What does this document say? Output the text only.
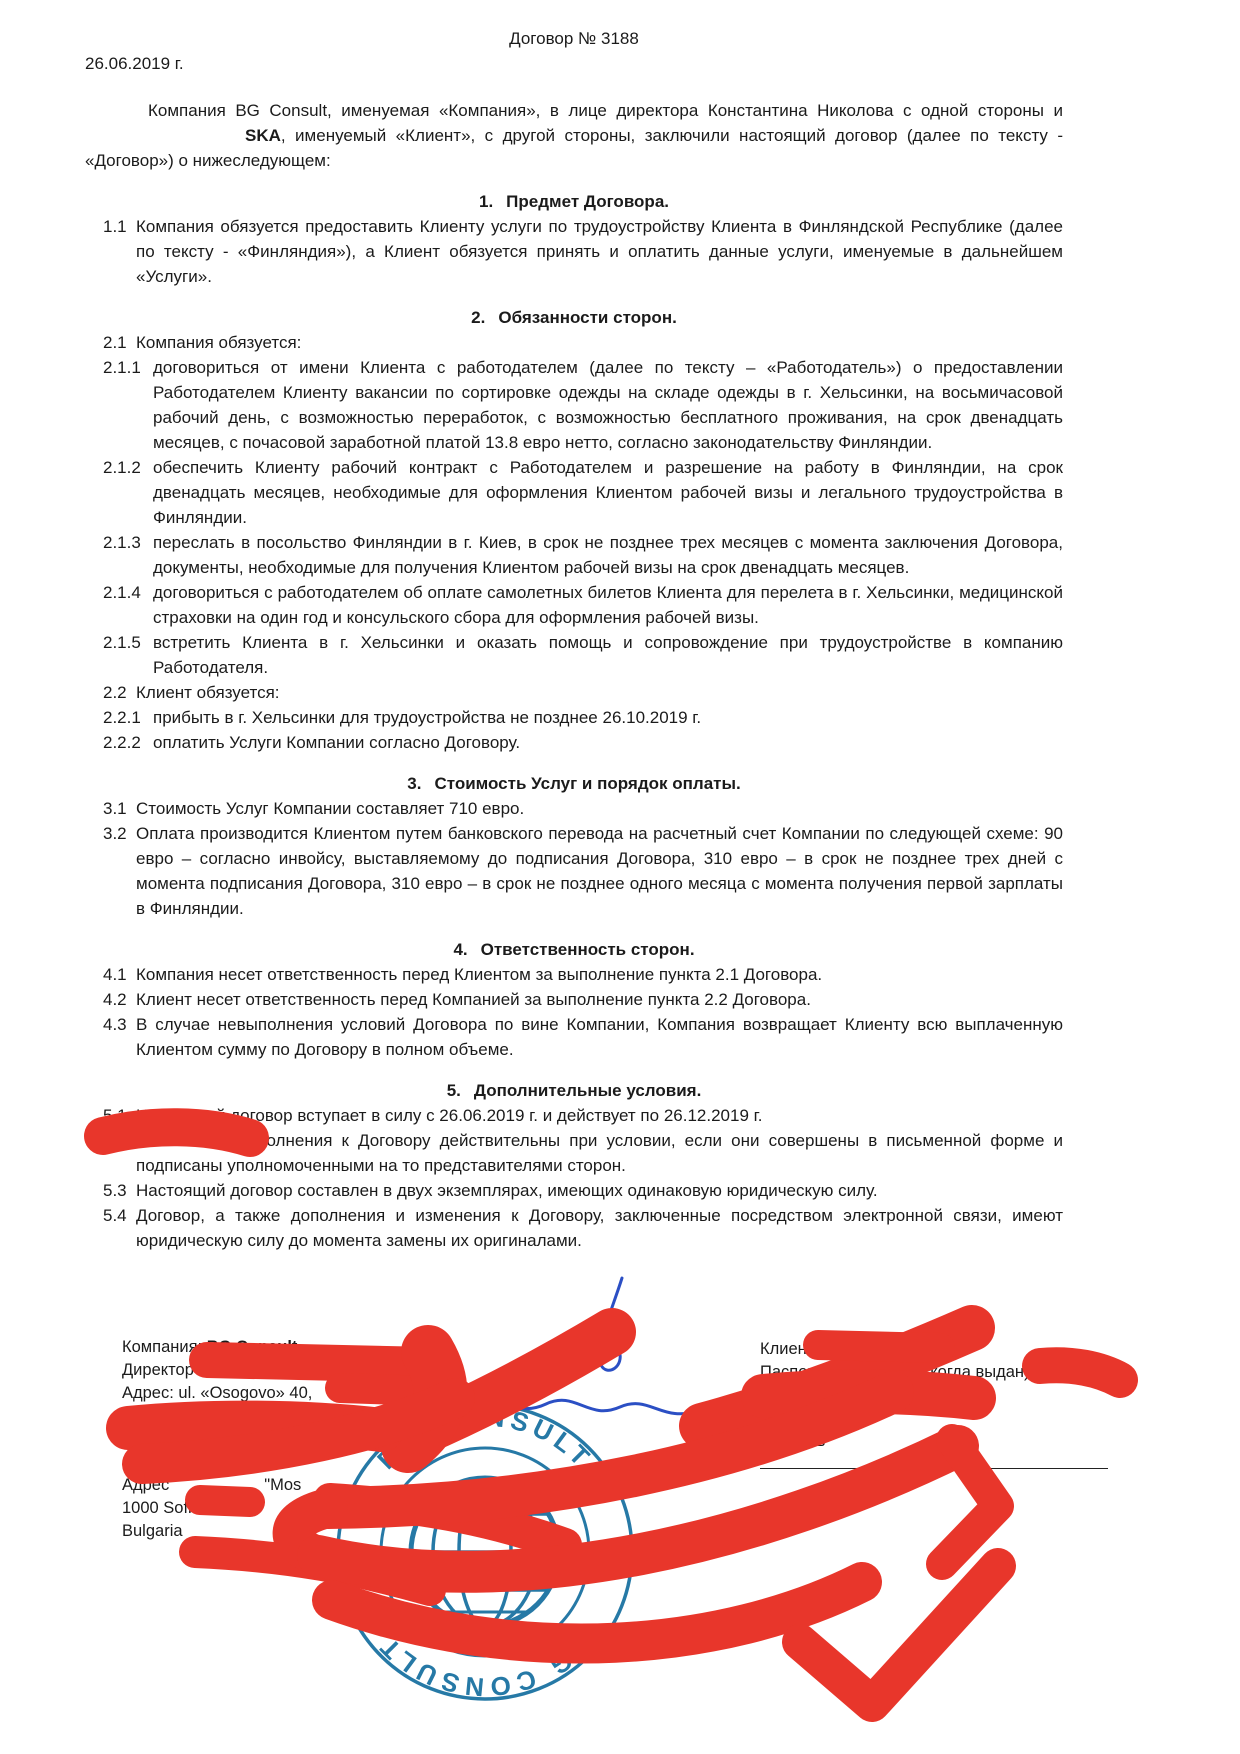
Договор № 3188
26.06.2019 г.

Компания BG Consult, именуемая «Компания», в лице директора Константина Николова с одной стороны иSKA, именуемый «Клиент», с другой стороны, заключили настоящий договор (далее по тексту - «Договор») о нижеследующем:

1. Предмет Договора.
1.1 Компания обязуется предоставить Клиенту услуги по трудоустройству Клиента в Финляндской Республике (далее по тексту - «Финляндия»), а Клиент обязуется принять и оплатить данные услуги, именуемые в дальнейшем «Услуги».
2. Обязанности сторон.
2.1 Компания обязуется:
2.1.1 договориться от имени Клиента с работодателем (далее по тексту – «Работодатель») о предоставлении Работодателем Клиенту вакансии по сортировке одежды на складе одежды в г. Хельсинки, на восьмичасовой рабочий день, с возможностью переработок, с возможностью бесплатного проживания, на срок двенадцать месяцев, с почасовой заработной платой 13.8 евро нетто, согласно законодательству Финляндии.
2.1.2 обеспечить Клиенту рабочий контракт с Работодателем и разрешение на работу в Финляндии, на срок двенадцать месяцев, необходимые для оформления Клиентом рабочей визы и легального трудоустройства в Финляндии.
2.1.3 переслать в посольство Финляндии в г. Киев, в срок не позднее трех месяцев с момента заключения Договора, документы, необходимые для получения Клиентом рабочей визы на срок двенадцать месяцев.
2.1.4 договориться с работодателем об оплате самолетных билетов Клиента для перелета в г. Хельсинки, медицинской страховки на один год и консульского сбора для оформления рабочей визы.
2.1.5 встретить Клиента в г. Хельсинки и оказать помощь и сопровождение при трудоустройстве в компанию Работодателя.
2.2 Клиент обязуется:
2.2.1 прибыть в г. Хельсинки для трудоустройства не позднее 26.10.2019 г.
2.2.2 оплатить Услуги Компании согласно Договору.
3. Стоимость Услуг и порядок оплаты.
3.1 Стоимость Услуг Компании составляет 710 евро.
3.2 Оплата производится Клиентом путем банковского перевода на расчетный счет Компании по следующей схеме: 90 евро – согласно инвойсу, выставляемому до подписания Договора, 310 евро – в срок не позднее трех дней с момента подписания Договора, 310 евро – в срок не позднее одного месяца с момента получения первой зарплаты в Финляндии.
4. Ответственность сторон.
4.1 Компания несет ответственность перед Клиентом за выполнение пункта 2.1 Договора.
4.2 Клиент несет ответственность перед Компанией за выполнение пункта 2.2 Договора.
4.3 В случае невыполнения условий Договора по вине Компании, Компания возвращает Клиенту всю выплаченную Клиентом сумму по Договору в полном объеме.
5. Дополнительные условия.
5.1 Настоящий договор вступает в силу с 26.06.2019 г. и действует по 26.12.2019 г.
5.2 Изменения, дополнения к Договору действительны при условии, если они совершены в письменной форме и подписаны уполномоченными на то представителями сторон.
5.3 Настоящий договор составлен в двух экземплярах, имеющих одинаковую юридическую силу.
5.4 Договор, а также дополнения и изменения к Договору, заключенные посредством электронной связи, имеют юридическую силу до момента замены их оригиналами.
Компания: BG Consult
Директор
Адрес: ul. «Osogovo» 40,	a.
Банковские реквизиты:
00000943
Адрес	"Mos
1000 Sofia
Bulgaria
Клиен
Паспорт (серия, где и когда выдан): F
Подпись
BG CONSULT
BG CONSULT
★	★
